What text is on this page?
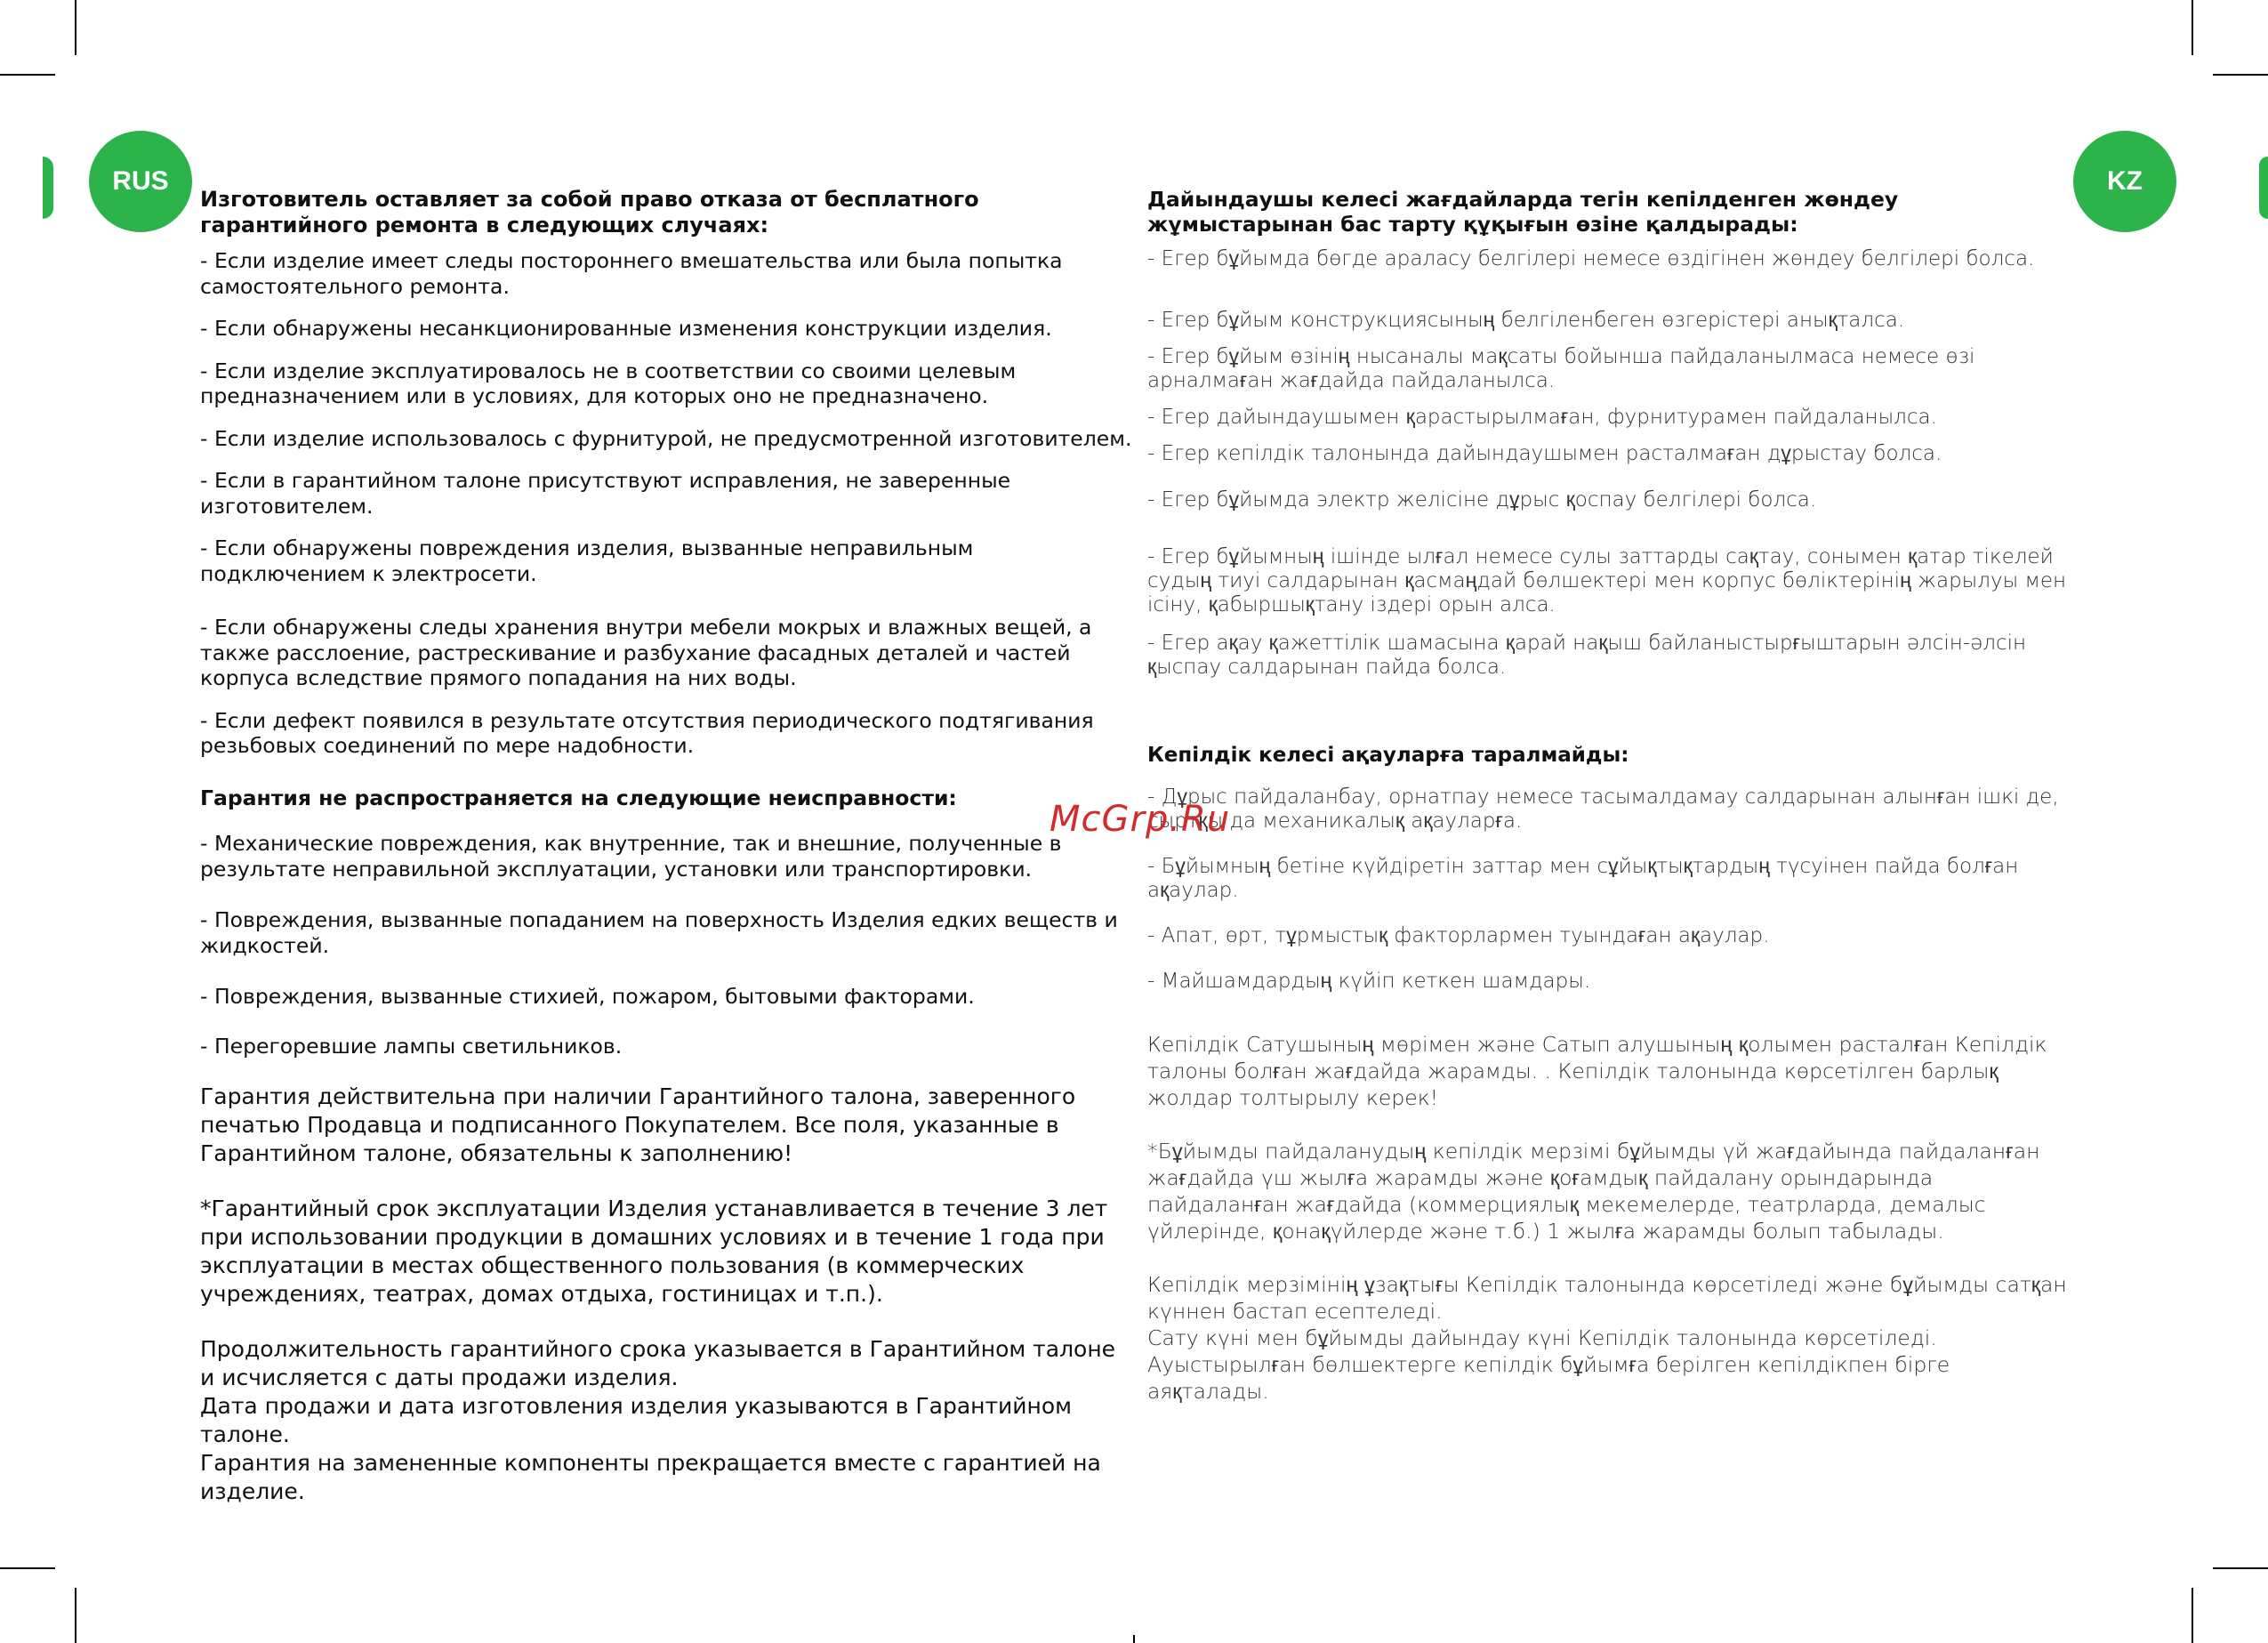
RUS	KZ

Изготовитель оставляет за собой право отказа от бесплатного гарантийного ремонта в следующих случаях:

- Если изделие имеет следы постороннего вмешательства или была попытка самостоятельного ремонта.

- Если обнаружены несанкционированные изменения конструкции изделия.

- Если изделие эксплуатировалось не в соответствии со своими целевым предназначением или в условиях, для которых оно не предназначено.

- Если изделие использовалось с фурнитурой, не предусмотренной изготовителем.

- Если в гарантийном талоне присутствуют исправления, не заверенные изготовителем.

- Если обнаружены повреждения изделия, вызванные неправильным подключением к электросети.

- Если обнаружены следы хранения внутри мебели мокрых и влажных вещей, а также расслоение, растрескивание и разбухание фасадных деталей и частей корпуса вследствие прямого попадания на них воды.

- Если дефект появился в результате отсутствия периодического подтягивания резьбовых соединений по мере надобности.

Гарантия не распространяется на следующие неисправности:

- Механические повреждения, как внутренние, так и внешние, полученные в результате неправильной эксплуатации, установки или транспортировки.

- Повреждения, вызванные попаданием на поверхность Изделия едких веществ и жидкостей.

- Повреждения, вызванные стихией, пожаром, бытовыми факторами.

- Перегоревшие лампы светильников.

Гарантия действительна при наличии Гарантийного талона, заверенного печатью Продавца и подписанного Покупателем. Все поля, указанные в Гарантийном талоне, обязательны к заполнению!

*Гарантийный срок эксплуатации Изделия устанавливается в течение 3 лет при использовании продукции в домашних условиях и в течение 1 года при эксплуатации в местах общественного пользования (в коммерческих учреждениях, театрах, домах отдыха, гостиницах и т.п.).

Продолжительность гарантийного срока указывается в Гарантийном талоне и исчисляется с даты продажи изделия.

Дата продажи и дата изготовления изделия указываются в Гарантийном талоне.

Гарантия на замененные компоненты прекращается вместе с гарантией на изделие.

Дайындаушы келесі жағдайларда тегін кепілденген жөндеу жұмыстарынан бас тарту құқығын өзіне қалдырады:

- Егер бұйымда бөгде араласу белгілері немесе өздігінен жөндеу белгілері болса.

- Егер бұйым конструкциясының белгіленбеген өзгерістері анықталса.

- Егер бұйым өзінің нысаналы мақсаты бойынша пайдаланылмаса немесе өзі арналмаған жағдайда пайдаланылса.

- Егер дайындаушымен қарастырылмаған, фурнитурамен пайдаланылса.

- Егер кепілдік талонында дайындаушымен расталмаған дұрыстау болса.

- Егер бұйымда электр желісіне дұрыс қоспау белгілері болса.

- Егер бұйымның ішінде ылғал немесе сулы заттарды сақтау, сонымен қатар тікелей судың тиуі салдарынан қасмаңдай бөлшектері мен корпус бөліктерінің жарылуы мен ісіну, қабыршықтану іздері орын алса.

- Егер ақау қажеттілік шамасына қарай нақыш байланыстырғыштарын әлсін-әлсін қыспау салдарынан пайда болса.

Кепілдік келесі ақауларға таралмайды:

- Дұрыс пайдаланбау, орнатпау немесе тасымалдамау салдарынан алынған ішкі де, сыртқы да механикалық ақауларға.

- Бұйымның бетіне күйдіретін заттар мен сұйықтықтардың түсуінен пайда болған ақаулар.

- Апат, өрт, тұрмыстық факторлармен туындаған ақаулар.

- Майшамдардың күйіп кеткен шамдары.

Кепілдік Сатушының мөрімен және Сатып алушының қолымен расталған Кепілдік талоны болған жағдайда жарамды. . Кепілдік талонында көрсетілген барлық жолдар толтырылу керек!

*Бұйымды пайдаланудың кепілдік мерзімі бұйымды үй жағдайында пайдаланған жағдайда үш жылға жарамды және қоғамдық пайдалану орындарында пайдаланған жағдайда (коммерциялық мекемелерде, театрларда, демалыс үйлерінде, қонақүйлерде және т.б.) 1 жылға жарамды болып табылады.

Кепілдік мерзімінің ұзақтығы Кепілдік талонында көрсетіледі және бұйымды сатқан күннен бастап есептеледі.

Сату күні мен бұйымды дайындау күні Кепілдік талонында көрсетіледі.

Ауыстырылған бөлшектерге кепілдік бұйымға берілген кепілдікпен бірге аяқталады.

McGrp.Ru
